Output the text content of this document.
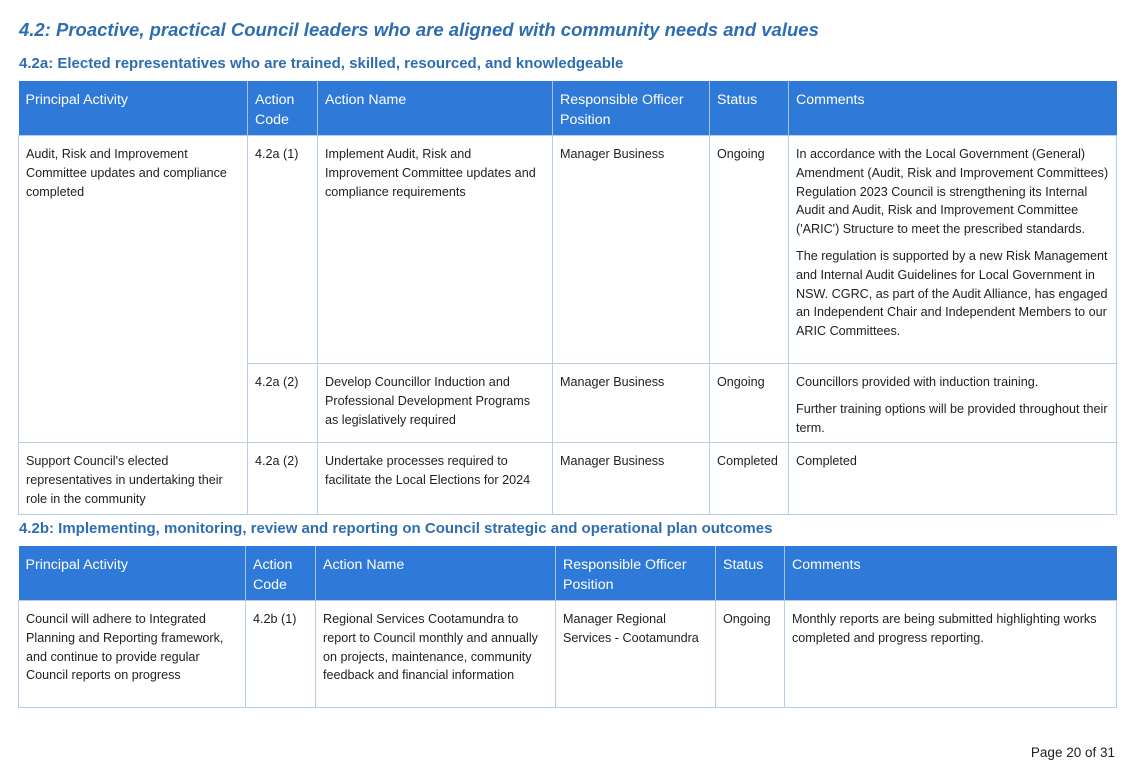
4.2: Proactive, practical Council leaders who are aligned with community needs and values
4.2a: Elected representatives who are trained, skilled, resourced, and knowledgeable
Principal Activity	Action Code	Action Name	Responsible Officer Position	Status	Comments
Audit, Risk and Improvement Committee updates and compliance completed	4.2a (1)	Implement Audit, Risk and Improvement Committee updates and compliance requirements	Manager Business	Ongoing	In accordance with the Local Government (General) Amendment (Audit, Risk and Improvement Committees) Regulation 2023 Council is strengthening its Internal Audit and Audit, Risk and Improvement Committee ('ARIC') Structure to meet the prescribed standards.

The regulation is supported by a new Risk Management and Internal Audit Guidelines for Local Government in NSW. CGRC, as part of the Audit Alliance, has engaged an Independent Chair and Independent Members to our ARIC Committees.

	4.2a (2)	Develop Councillor Induction and Professional Development Programs as legislatively required	Manager Business	Ongoing	Councillors provided with induction training.

Further training options will be provided throughout their term.

Support Council's elected representatives in undertaking their role in the community	4.2a (2)	Undertake processes required to facilitate the Local Elections for 2024	Manager Business	Completed	Completed

4.2b: Implementing, monitoring, review and reporting on Council strategic and operational plan outcomes
Principal Activity	Action Code	Action Name	Responsible Officer Position	Status	Comments
Council will adhere to Integrated Planning and Reporting framework, and continue to provide regular Council reports on progress	4.2b (1)	Regional Services Cootamundra to report to Council monthly and annually on projects, maintenance, community feedback and financial information	Manager Regional Services - Cootamundra	Ongoing	Monthly reports are being submitted highlighting works completed and progress reporting.

Page 20 of 31
